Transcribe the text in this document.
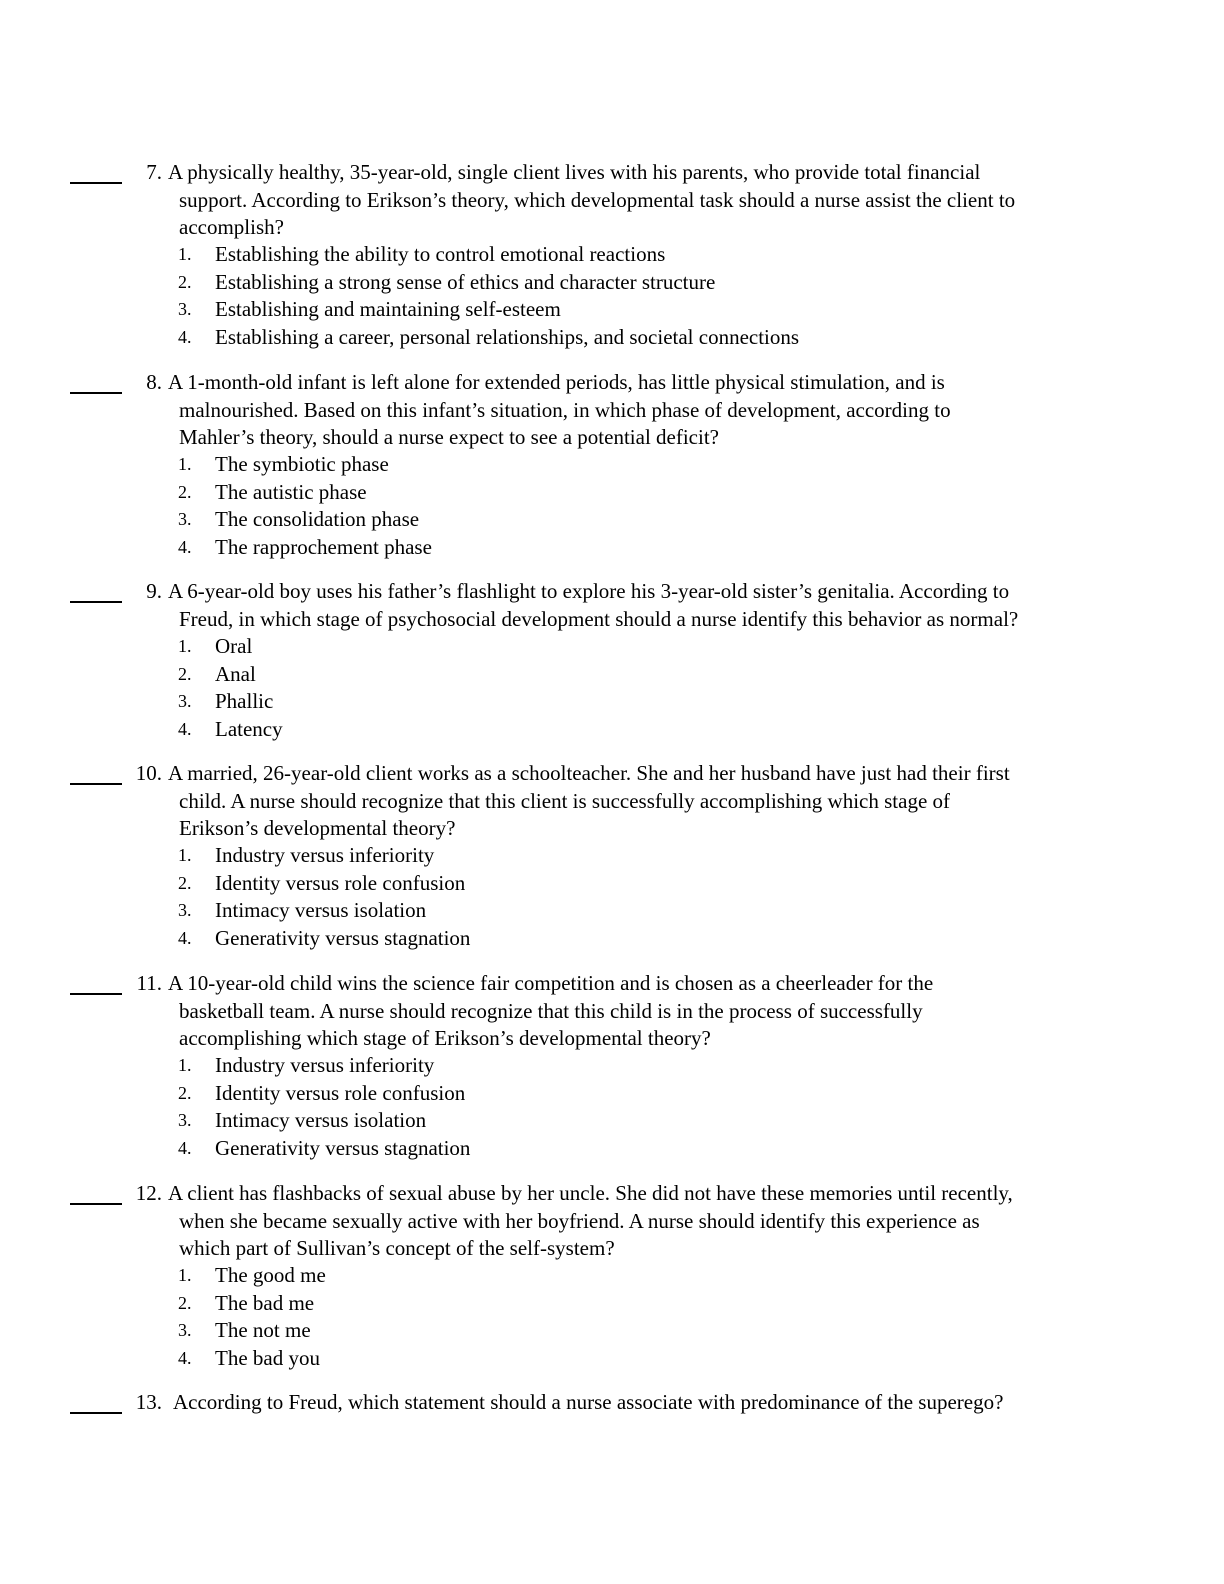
7. A physically healthy, 35-year-old, single client lives with his parents, who provide total financial
support. According to Erikson’s theory, which developmental task should a nurse assist the client to
accomplish?
1.	Establishing the ability to control emotional reactions
2.	Establishing a strong sense of ethics and character structure
3.	Establishing and maintaining self-esteem
4.	Establishing a career, personal relationships, and societal connections
8. A 1-month-old infant is left alone for extended periods, has little physical stimulation, and is
malnourished. Based on this infant’s situation, in which phase of development, according to
Mahler’s theory, should a nurse expect to see a potential deficit?
1.	The symbiotic phase
2.	The autistic phase
3.	The consolidation phase
4.	The rapprochement phase
9. A 6-year-old boy uses his father’s flashlight to explore his 3-year-old sister’s genitalia. According to
Freud, in which stage of psychosocial development should a nurse identify this behavior as normal?
1.	Oral
2.	Anal
3.	Phallic
4.	Latency
10. A married, 26-year-old client works as a schoolteacher. She and her husband have just had their first
child. A nurse should recognize that this client is successfully accomplishing which stage of
Erikson’s developmental theory?
1.	Industry versus inferiority
2.	Identity versus role confusion
3.	Intimacy versus isolation
4.	Generativity versus stagnation
11. A 10-year-old child wins the science fair competition and is chosen as a cheerleader for the
basketball team. A nurse should recognize that this child is in the process of successfully
accomplishing which stage of Erikson’s developmental theory?
1.	Industry versus inferiority
2.	Identity versus role confusion
3.	Intimacy versus isolation
4.	Generativity versus stagnation
12. A client has flashbacks of sexual abuse by her uncle. She did not have these memories until recently,
when she became sexually active with her boyfriend. A nurse should identify this experience as
which part of Sullivan’s concept of the self-system?
1.	The good me
2.	The bad me
3.	The not me
4.	The bad you
13. According to Freud, which statement should a nurse associate with predominance of the superego?
